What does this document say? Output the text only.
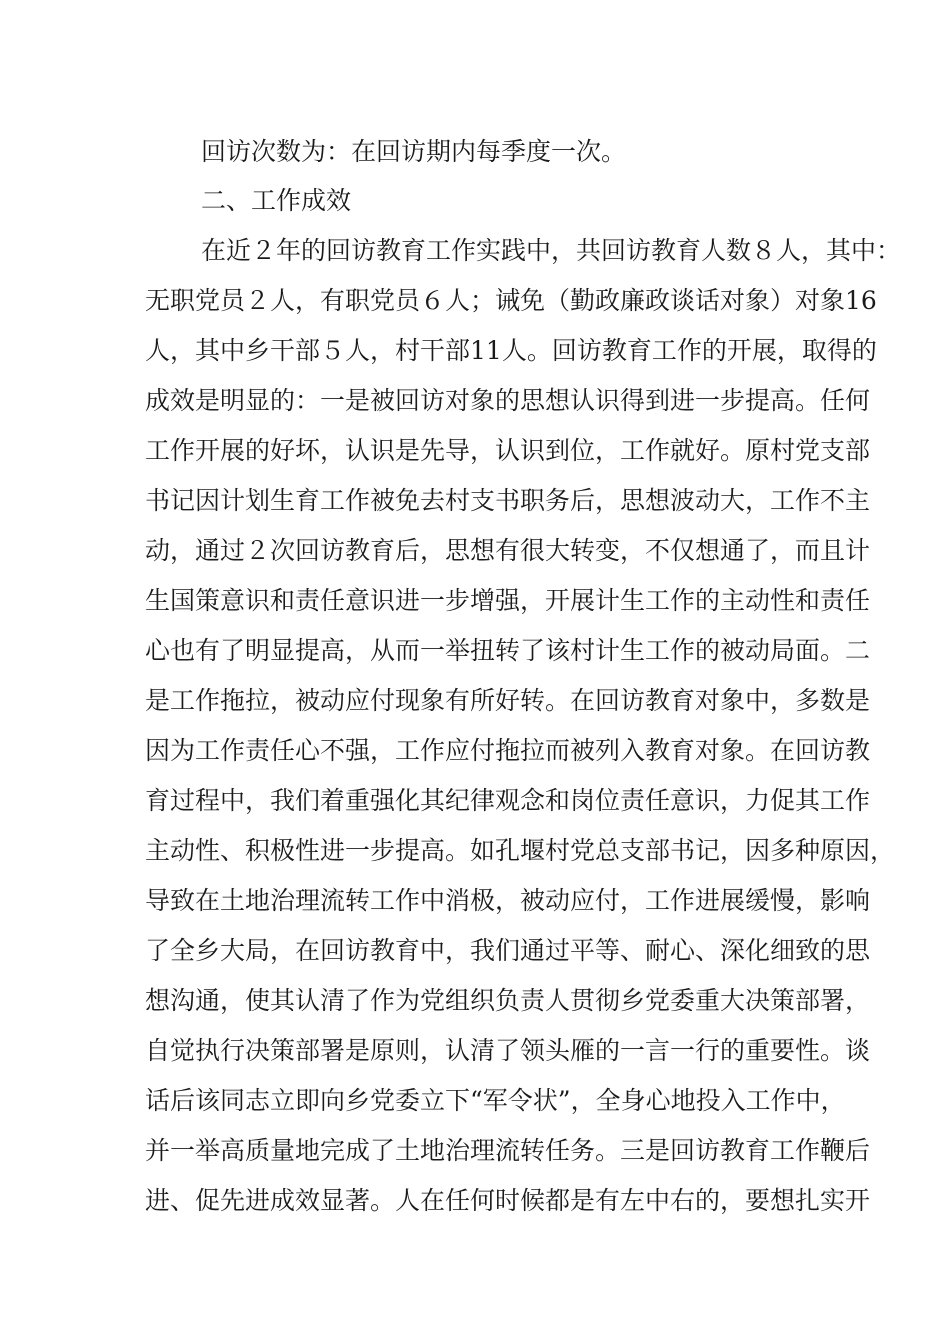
回访次数为：在回访期内每季度一次。
二、工作成效
在近２年的回访教育工作实践中，共回访教育人数８人，其中：
无职党员２人，有职党员６人；诫免（勤政廉政谈话对象）对象16
人，其中乡干部５人，村干部11人。回访教育工作的开展，取得的
成效是明显的：一是被回访对象的思想认识得到进一步提高。任何
工作开展的好坏，认识是先导，认识到位，工作就好。原村党支部
书记因计划生育工作被免去村支书职务后，思想波动大，工作不主
动，通过２次回访教育后，思想有很大转变，不仅想通了，而且计
生国策意识和责任意识进一步增强，开展计生工作的主动性和责任
心也有了明显提高，从而一举扭转了该村计生工作的被动局面。二
是工作拖拉，被动应付现象有所好转。在回访教育对象中，多数是
因为工作责任心不强，工作应付拖拉而被列入教育对象。在回访教
育过程中，我们着重强化其纪律观念和岗位责任意识，力促其工作
主动性、积极性进一步提高。如孔堰村党总支部书记，因多种原因，
导致在土地治理流转工作中消极，被动应付，工作进展缓慢，影响
了全乡大局，在回访教育中，我们通过平等、耐心、深化细致的思
想沟通，使其认清了作为党组织负责人贯彻乡党委重大决策部署，
自觉执行决策部署是原则，认清了领头雁的一言一行的重要性。谈
话后该同志立即向乡党委立下“军令状”，全身心地投入工作中，
并一举高质量地完成了土地治理流转任务。三是回访教育工作鞭后
进、促先进成效显著。人在任何时候都是有左中右的，要想扎实开
